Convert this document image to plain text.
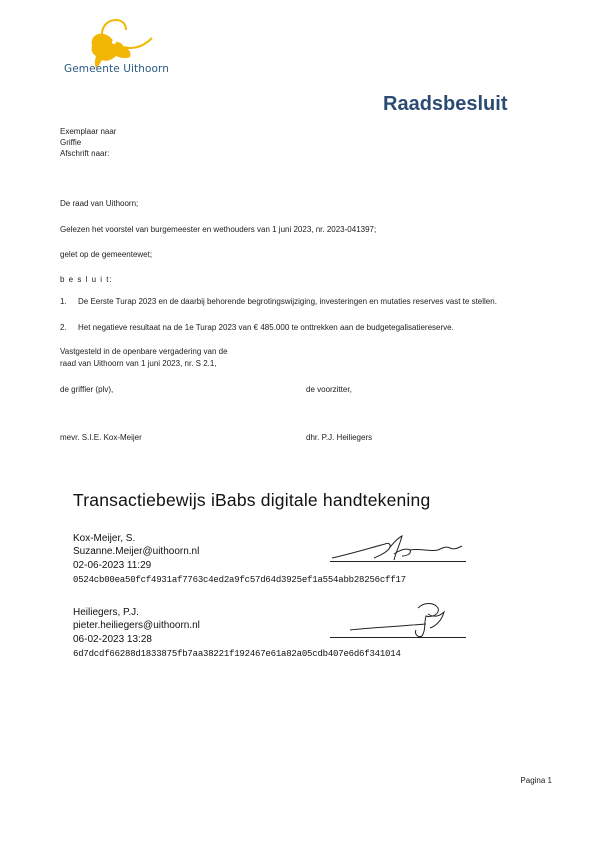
Gemeente Uithoorn
Raadsbesluit
Exemplaar naar
Griffie
Afschrift naar:
De raad van Uithoorn;
Gelezen het voorstel van burgemeester en wethouders van 1 juni 2023, nr. 2023-041397;
gelet op de gemeentewet;
b e s l u i t:
1. De Eerste Turap 2023 en de daarbij behorende begrotingswijziging, investeringen en mutaties reserves vast te stellen.
2. Het negatieve resultaat na de 1e Turap 2023 van € 485.000 te onttrekken aan de budgetegalisatiereserve.
Vastgesteld in de openbare vergadering van de
raad van Uithoorn van 1 juni 2023, nr. S 2.1,
de griffier (plv),	de voorzitter,
mevr. S.I.E. Kox-Meijer	dhr. P.J. Heiliegers
Transactiebewijs iBabs digitale handtekening
Kox-Meijer, S.
Suzanne.Meijer@uithoorn.nl
02-06-2023 11:29
0524cb00ea50fcf4931af7763c4ed2a9fc57d64d3925ef1a554abb28256cff17
Heiliegers, P.J.
pieter.heiliegers@uithoorn.nl
06-02-2023 13:28
6d7dcdf66288d1833875fb7aa38221f192467e61a82a05cdb407e6d6f341014
Pagina 1
